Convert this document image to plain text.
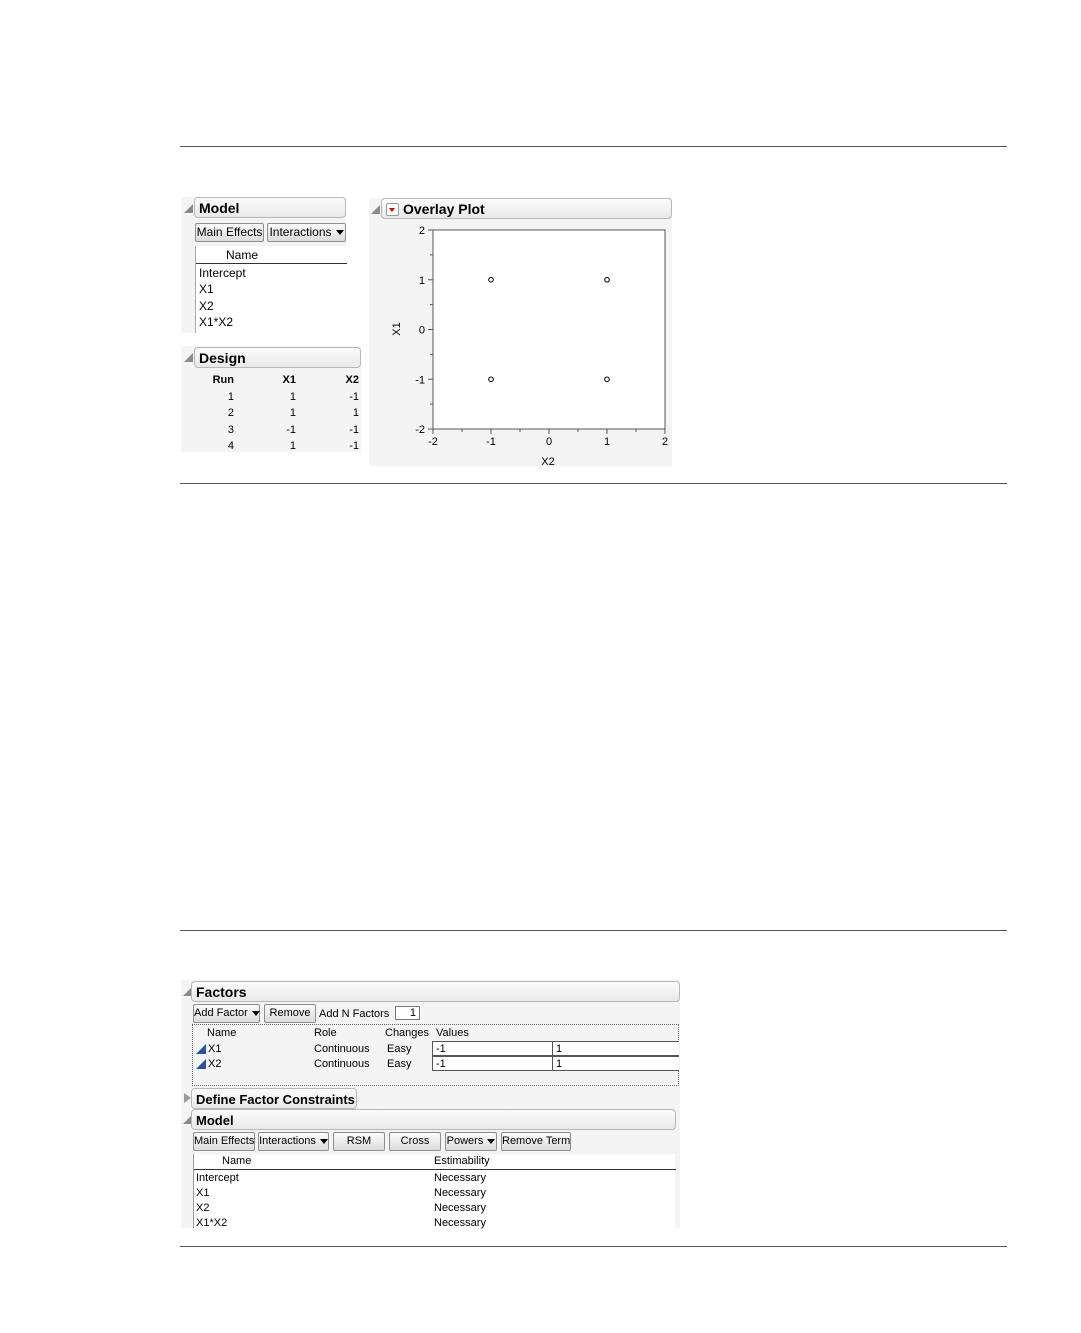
Model
Main Effects Interactions
Name
Intercept
X1
X2
X1*X2
Design
Run	X1	X2
1	1	-1
2	1	1
3	-1	-1
4	1	-1
Overlay Plot
-2	-1	0	1	2
2
1
0
-1
-2
X2
X1
Factors
Add Factor	Remove Add N Factors	1
Name	Role	Changes Values
X1	Continuous Easy	-1	1
X2	Continuous Easy	-1	1
Define Factor Constraints
Model
Main Effects Interactions	RSM	Cross	Powers	Remove Term
Name	Estimability
Intercept	Necessary
X1	Necessary
X2	Necessary
X1*X2	Necessary
